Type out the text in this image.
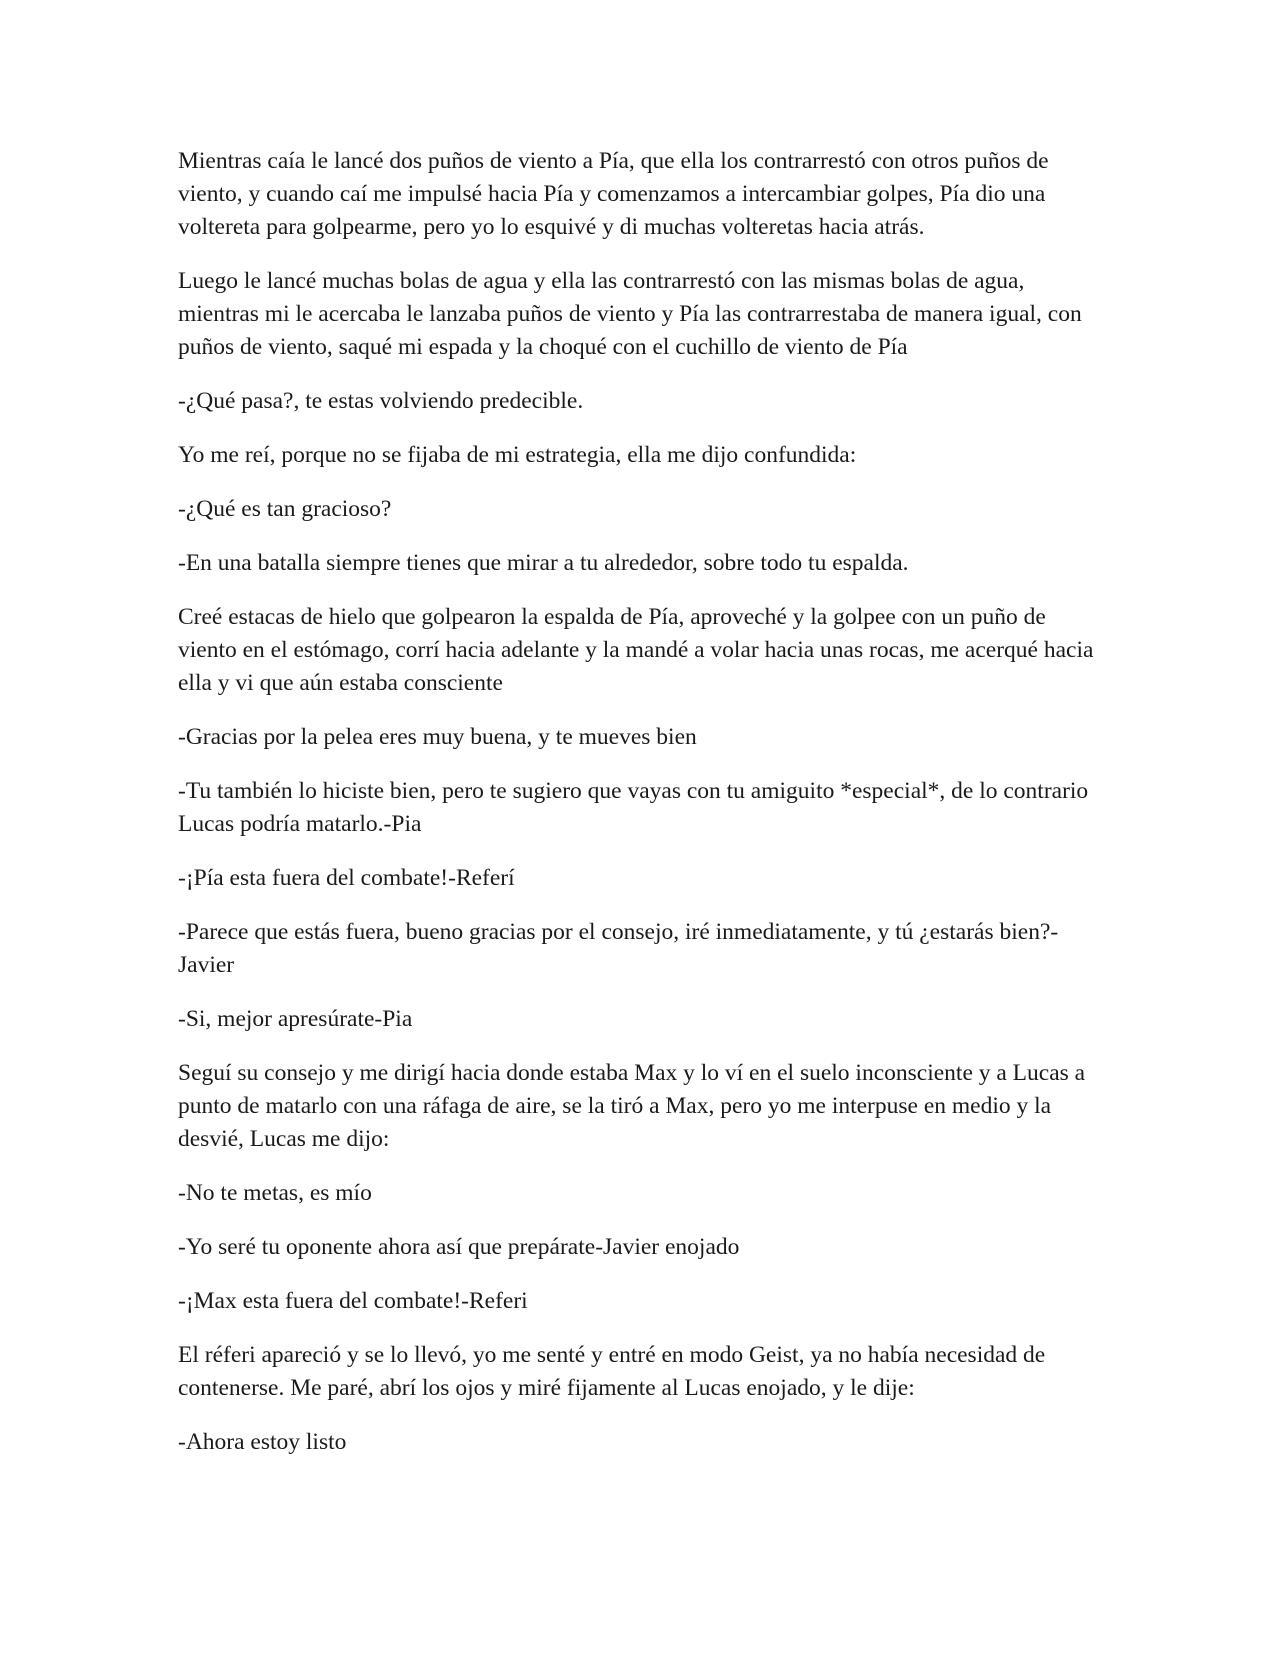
Mientras caía le lancé dos puños de viento a Pía, que ella los contrarrestó con otros puños de viento, y cuando caí me impulsé hacia Pía y comenzamos a intercambiar golpes, Pía dio una voltereta para golpearme, pero yo lo esquivé y di muchas volteretas hacia atrás.

Luego le lancé muchas bolas de agua y ella las contrarrestó con las mismas bolas de agua, mientras mi le acercaba le lanzaba puños de viento y Pía las contrarrestaba de manera igual, con puños de viento, saqué mi espada y la choqué con el cuchillo de viento de Pía

-¿Qué pasa?, te estas volviendo predecible.

Yo me reí, porque no se fijaba de mi estrategia, ella me dijo confundida:

-¿Qué es tan gracioso?

-En una batalla siempre tienes que mirar a tu alrededor, sobre todo tu espalda.

Creé estacas de hielo que golpearon la espalda de Pía, aproveché y la golpee con un puño de viento en el estómago, corrí hacia adelante y la mandé a volar hacia unas rocas, me acerqué hacia ella y vi que aún estaba consciente

-Gracias por la pelea eres muy buena, y te mueves bien

-Tu también lo hiciste bien, pero te sugiero que vayas con tu amiguito *especial*, de lo contrario Lucas podría matarlo.-Pia

-¡Pía esta fuera del combate!-Referí

-Parece que estás fuera, bueno gracias por el consejo, iré inmediatamente, y tú ¿estarás bien?-Javier

-Si, mejor apresúrate-Pia

Seguí su consejo y me dirigí hacia donde estaba Max y lo ví en el suelo inconsciente y a Lucas a punto de matarlo con una ráfaga de aire, se la tiró a Max, pero yo me interpuse en medio y la desvié, Lucas me dijo:

-No te metas, es mío

-Yo seré tu oponente ahora así que prepárate-Javier enojado

-¡Max esta fuera del combate!-Referi

El réferi apareció y se lo llevó, yo me senté y entré en modo Geist, ya no había necesidad de contenerse. Me paré, abrí los ojos y miré fijamente al Lucas enojado, y le dije:

-Ahora estoy listo
